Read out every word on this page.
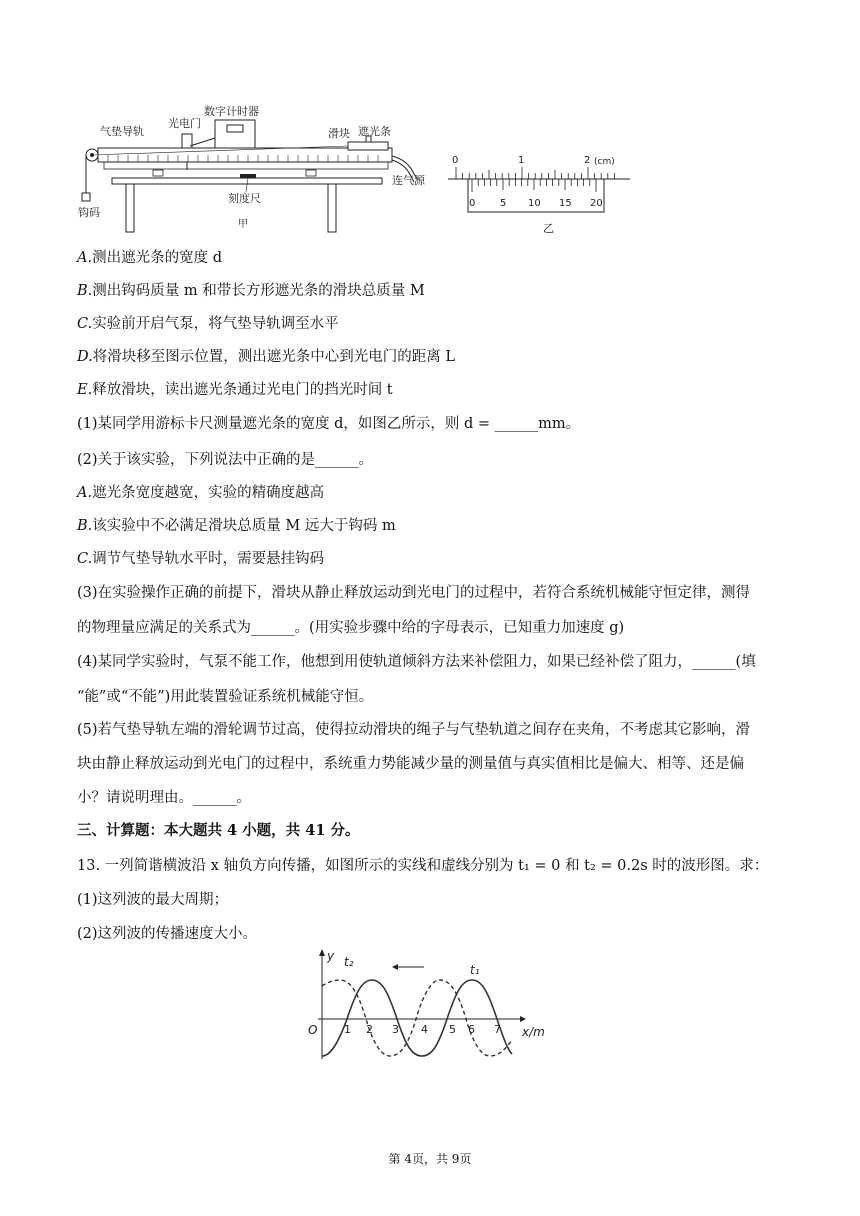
数字计时器
光电门
气垫导轨	滑块 遮光条
连气源
刻度尺
钩码
甲
0	1	2 (cm)
0 5 10 15 20
乙
A.测出遮光条的宽度 d
B.测出钩码质量 m 和带长方形遮光条的滑块总质量 M
C.实验前开启气泵，将气垫导轨调至水平
D.将滑块移至图示位置，测出遮光条中心到光电门的距离 L
E.释放滑块，读出遮光条通过光电门的挡光时间 t
(1)某同学用游标卡尺测量遮光条的宽度 d，如图乙所示，则 d = ______mm。
(2)关于该实验，下列说法中正确的是______。
A.遮光条宽度越宽，实验的精确度越高
B.该实验中不必满足滑块总质量 M 远大于钩码 m
C.调节气垫导轨水平时，需要悬挂钩码
(3)在实验操作正确的前提下，滑块从静止释放运动到光电门的过程中，若符合系统机械能守恒定律，测得
的物理量应满足的关系式为______。(用实验步骤中给的字母表示，已知重力加速度 g)
(4)某同学实验时，气泵不能工作，他想到用使轨道倾斜方法来补偿阻力，如果已经补偿了阻力，______(填
“能”或“不能”)用此装置验证系统机械能守恒。
(5)若气垫导轨左端的滑轮调节过高，使得拉动滑块的绳子与气垫轨道之间存在夹角，不考虑其它影响，滑
块由静止释放运动到光电门的过程中，系统重力势能减少量的测量值与真实值相比是偏大、相等、还是偏
小？请说明理由。______。
三、计算题：本大题共 4 小题，共 41 分。
13. 一列简谐横波沿 x 轴负方向传播，如图所示的实线和虚线分别为 t₁ = 0 和 t₂ = 0.2s 时的波形图。求：
(1)这列波的最大周期；
(2)这列波的传播速度大小。
y
x/m
O
t₁
t₂
1 2 3 4 5 6 7
第 4页，共 9页
